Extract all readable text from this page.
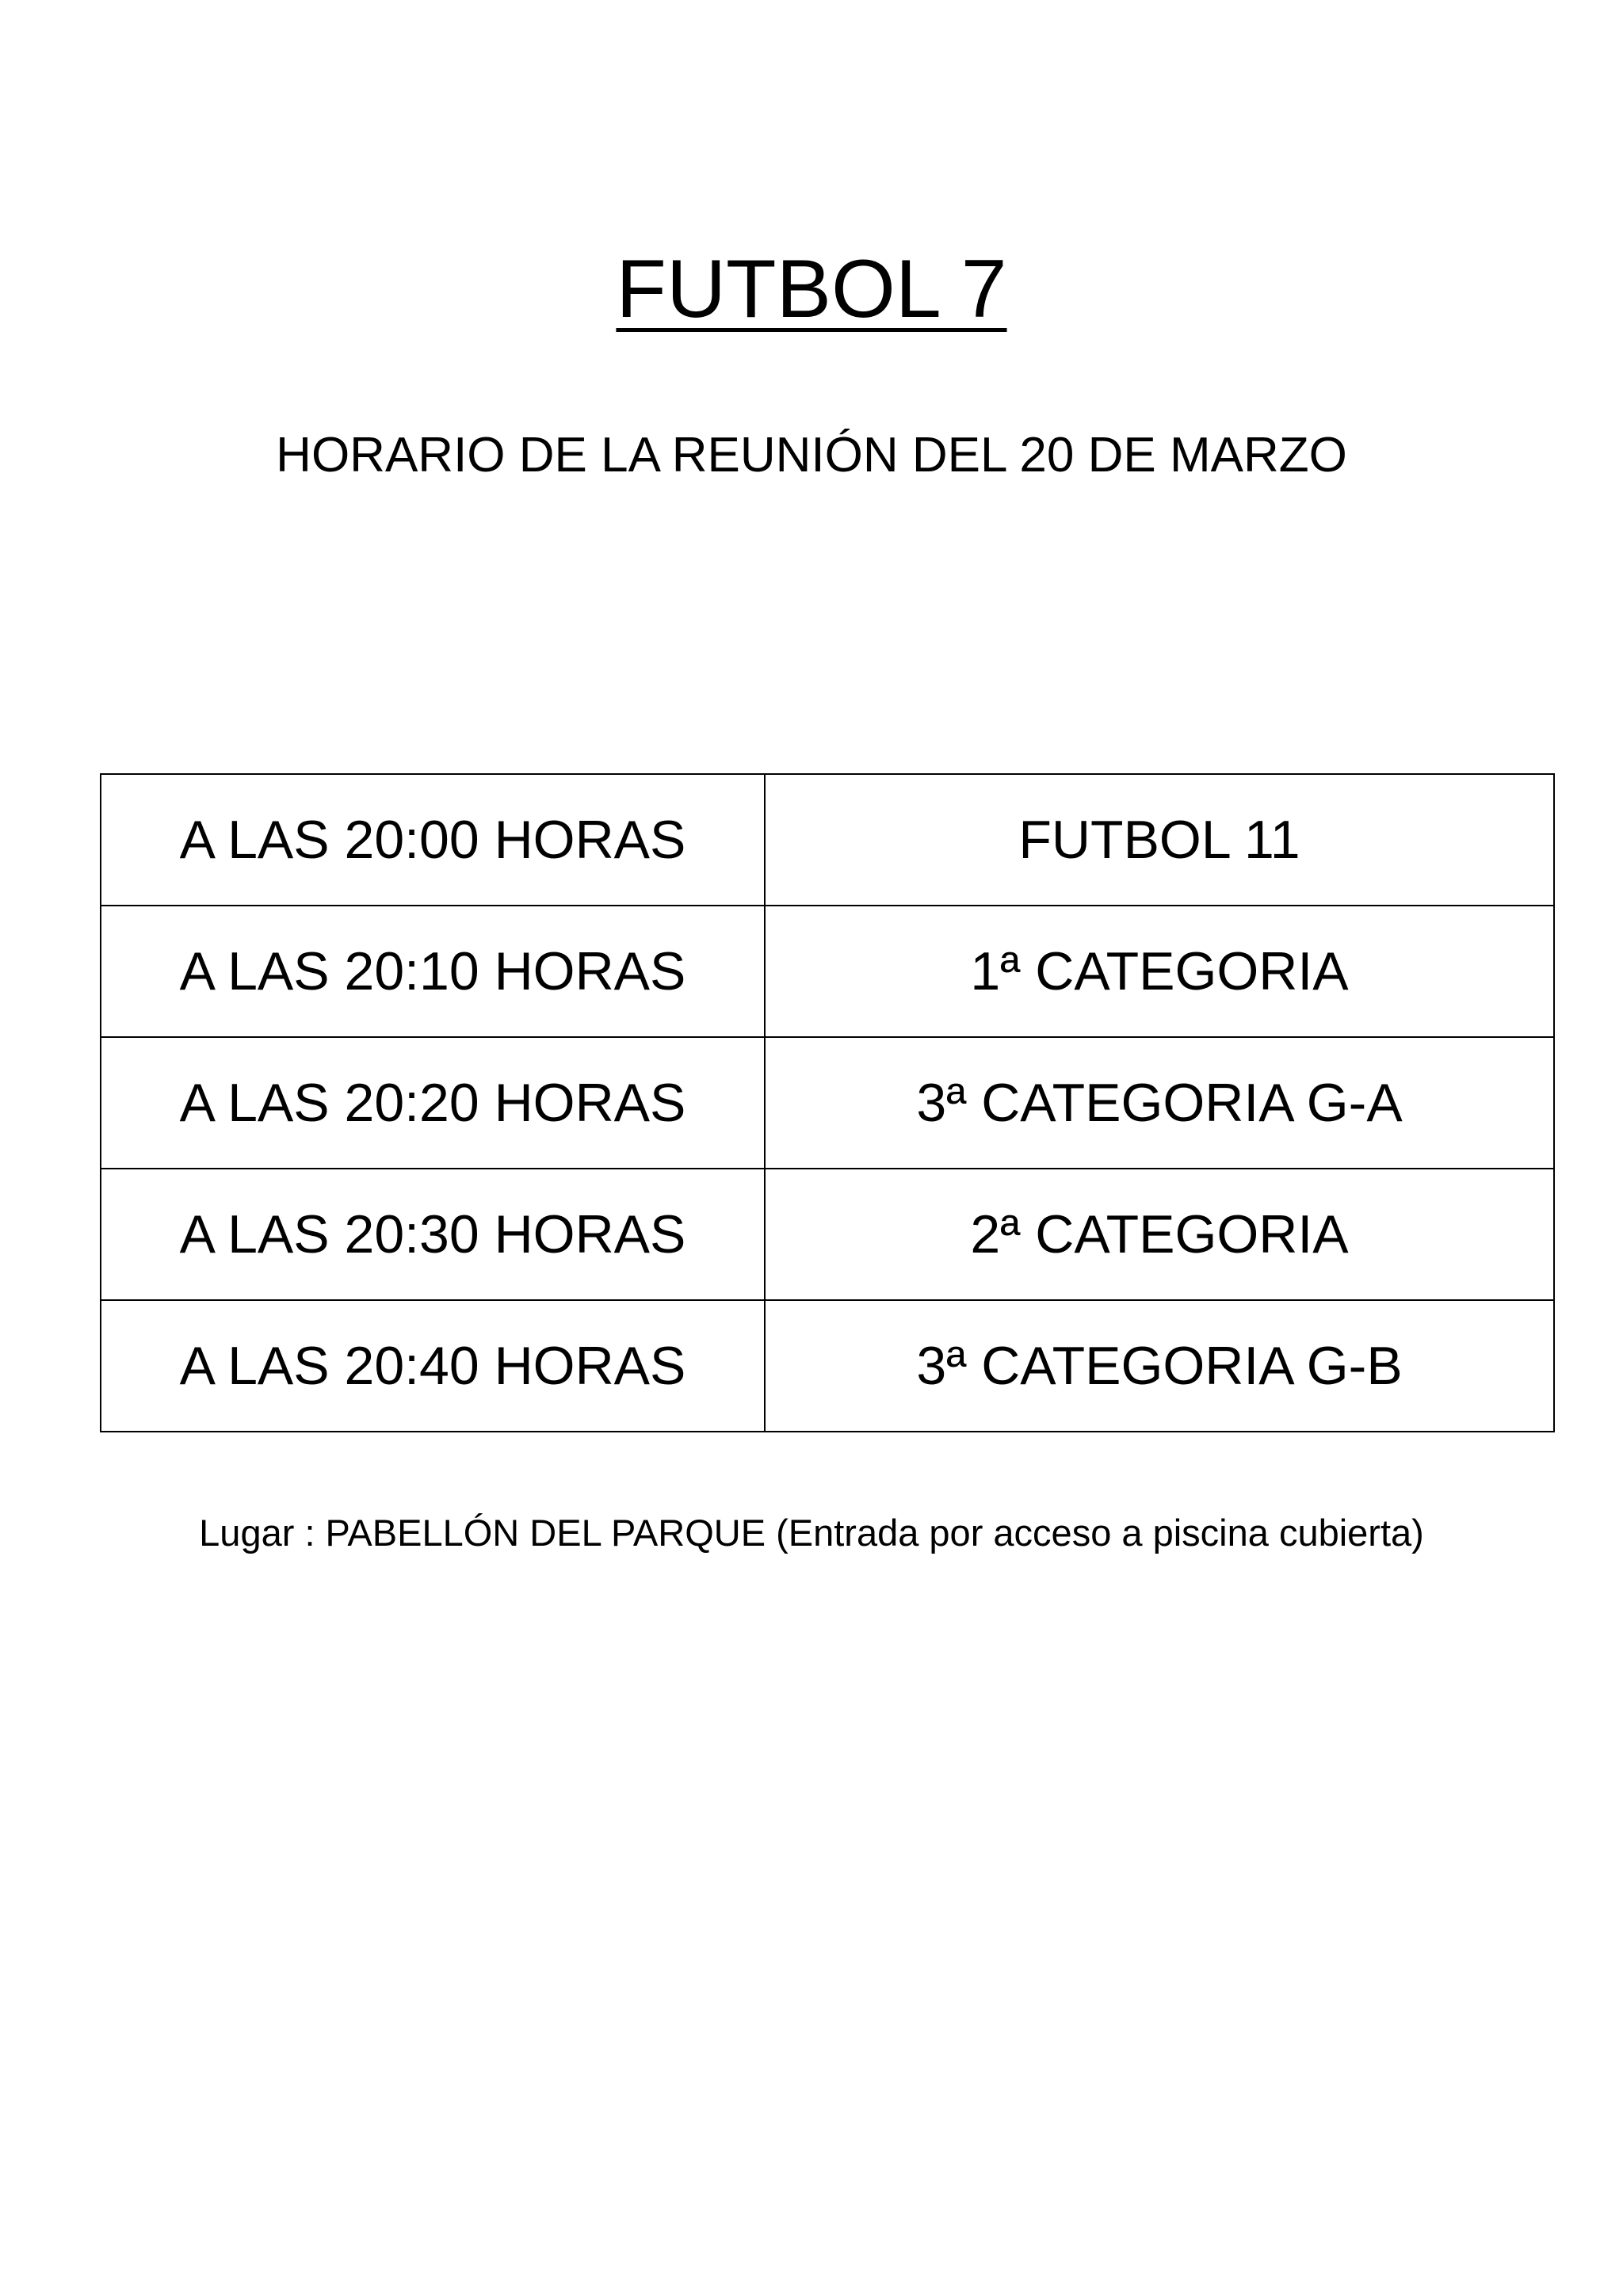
FUTBOL 7
HORARIO DE LA REUNIÓN DEL 20 DE MARZO
A LAS 20:00 HORAS	FUTBOL 11
A LAS 20:10 HORAS	1ª CATEGORIA
A LAS 20:20 HORAS	3ª CATEGORIA G-A
A LAS 20:30 HORAS	2ª CATEGORIA
A LAS 20:40 HORAS	3ª CATEGORIA G-B

Lugar : PABELLÓN DEL PARQUE (Entrada por acceso a piscina cubierta)
